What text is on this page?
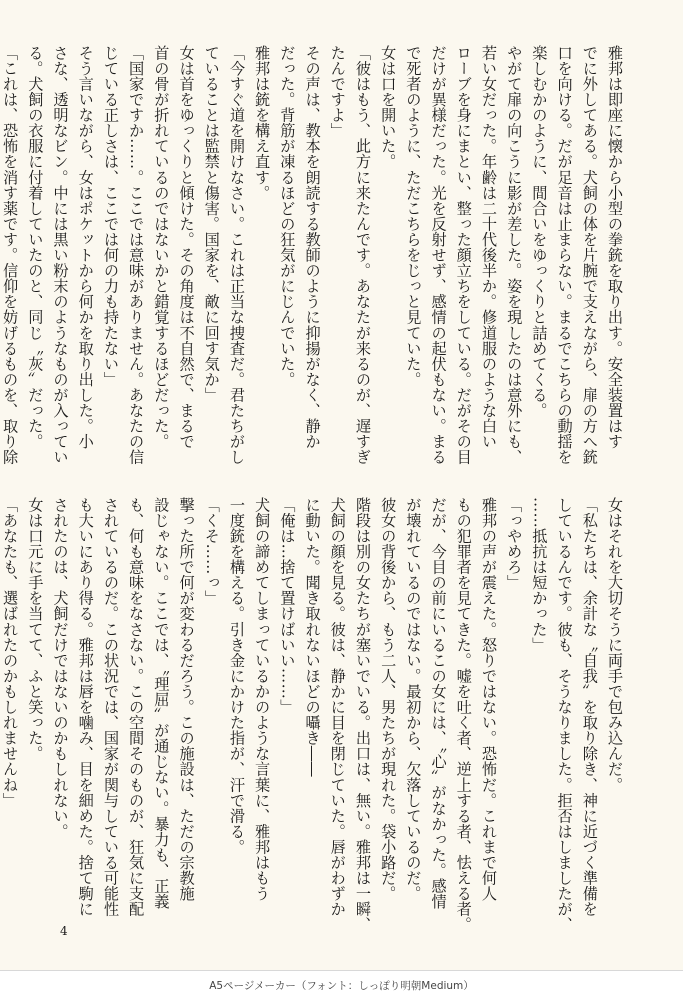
雅邦は即座に懐から小型の拳銃を取り出す。安全装置はす
でに外してある。犬飼の体を片腕で支えながら、扉の方へ銃
口を向ける。だが足音は止まらない。まるでこちらの動揺を
楽しむかのように、間合いをゆっくりと詰めてくる。
やがて扉の向こうに影が差した。姿を現したのは意外にも、
若い女だった。年齢は二十代後半か。修道服のような白い
ローブを身にまとい、整った顔立ちをしている。だがその目
だけが異様だった。光を反射せず、感情の起伏もない。まる
で死者のように、ただこちらをじっと見ていた。
女は口を開いた。
「彼はもう、此方に来たんです。あなたが来るのが、遅すぎ
たんですよ」
その声は、教本を朗読する教師のように抑揚がなく、静か
だった。背筋が凍るほどの狂気がにじんでいた。
雅邦は銃を構え直す。
「今すぐ道を開けなさい。これは正当な捜査だ。君たちがし
ていることは監禁と傷害。国家を、敵に回す気か」
女は首をゆっくりと傾けた。その角度は不自然で、まるで
首の骨が折れているのではないかと錯覚するほどだった。
「国家ですか……。ここでは意味がありません。あなたの信
じている正しさは、ここでは何の力も持たない」
そう言いながら、女はポケットから何かを取り出した。小
さな、透明なビン。中には黒い粉末のようなものが入ってい
る。犬飼の衣服に付着していたのと、同じ〝灰〟だった。
「これは、恐怖を消す薬です。信仰を妨げるものを、取り除
女はそれを大切そうに両手で包み込んだ。
「私たちは、余計な〝自我〟を取り除き、神に近づく準備を
しているんです。彼も、そうなりました。拒否はしましたが、
……抵抗は短かった」
「っやめろ」
雅邦の声が震えた。怒りではない。恐怖だ。これまで何人
もの犯罪者を見てきた。嘘を吐く者、逆上する者、怯える者。
だが、今目の前にいるこの女には、〝心〟がなかった。感情
が壊れているのではない。最初から、欠落しているのだ。
彼女の背後から、もう二人、男たちが現れた。袋小路だ。
階段は別の女たちが塞いでいる。出口は、無い。雅邦は一瞬、
犬飼の顔を見る。彼は、静かに目を閉じていた。唇がわずか
に動いた。聞き取れないほどの囁き――
「俺は…捨て置けばいい……」
犬飼の諦めてしまっているかのような言葉に、雅邦はもう
一度銃を構える。引き金にかけた指が、汗で滑る。
「くそ……っ」
撃った所で何が変わるだろう。この施設は、ただの宗教施
設じゃない。ここでは、〝理屈〟が通じない。暴力も、正義
も、何も意味をなさない。この空間そのものが、狂気に支配
されているのだ。この状況では、国家が関与している可能性
も大いにあり得る。雅邦は唇を噛み、目を細めた。捨て駒に
されたのは、犬飼だけではないのかもしれない。
女は口元に手を当てて、ふと笑った。
「あなたも、選ばれたのかもしれませんね」
4
A5ページメーカー（フォント：しっぽり明朝Medium）
